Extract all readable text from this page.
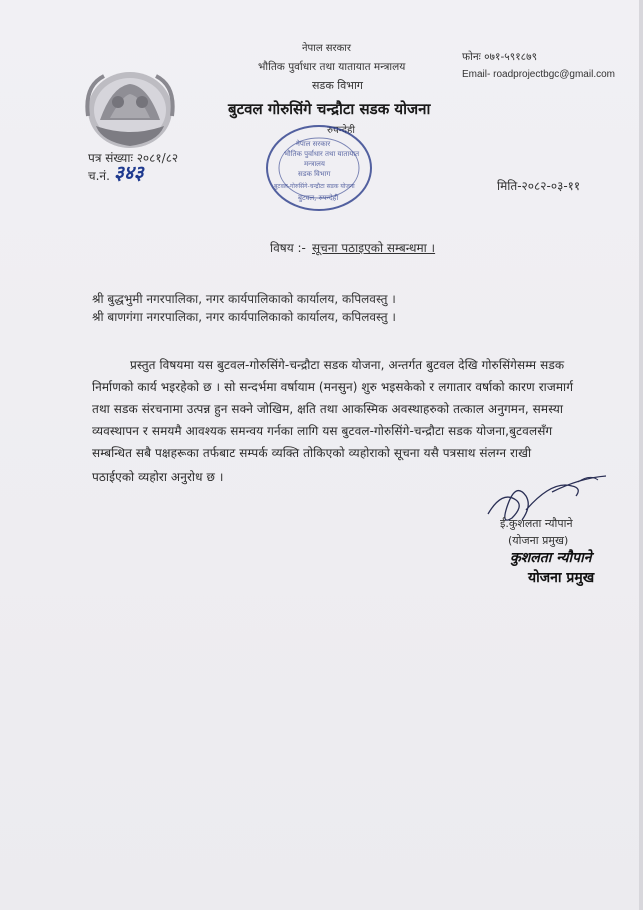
नेपाल सरकार
भौतिक पुर्वाधार तथा यातायात मन्त्रालय
सडक विभाग
बुटवल गोरुसिंगे चन्द्रौटा सडक योजना
रुपन्देही
फोनः ०७१-५९१८७९
Email- roadprojectbgc@gmail.com
पत्र संख्याः २०८१/८२
च.नं. ३४३
मिति-२०८२-०३-११
नेपाल सरकार
भौतिक पुर्वाधार तथा यातायात
मन्त्रालय
सडक विभाग
बुटवल-गोरुसिंगे-चन्द्रौटा सडक योजना
बुटवल, रुपन्देही
विषय :- सूचना पठाइएको सम्बन्धमा ।
श्री बुद्धभुमी नगरपालिका, नगर कार्यपालिकाको कार्यालय, कपिलवस्तु ।
श्री बाणगंगा नगरपालिका, नगर कार्यपालिकाको कार्यालय, कपिलवस्तु ।
प्रस्तुत विषयमा यस बुटवल-गोरुसिंगे-चन्द्रौटा सडक योजना, अन्तर्गत बुटवल देखि गोरुसिंगेसम्म सडक
निर्माणको कार्य भइरहेको छ । सो सन्दर्भमा वर्षायाम (मनसुन) शुरु भइसकेको र लगातार वर्षाको कारण राजमार्ग
तथा सडक संरचनामा उत्पन्न हुन सक्ने जोखिम, क्षति तथा आकस्मिक अवस्थाहरुको तत्काल अनुगमन, समस्या
व्यवस्थापन र समयमै आवश्यक समन्वय गर्नका लागि यस बुटवल-गोरुसिंगे-चन्द्रौटा सडक योजना,बुटवलसँग
सम्बन्धित सबै पक्षहरूका तर्फबाट सम्पर्क व्यक्ति तोकिएको व्यहोराको सूचना यसै पत्रसाथ संलग्न राखी
पठाईएको व्यहोरा अनुरोध छ ।
ई.कुशलता न्यौपाने
(योजना प्रमुख)
कुशलता न्यौपाने
योजना प्रमुख
